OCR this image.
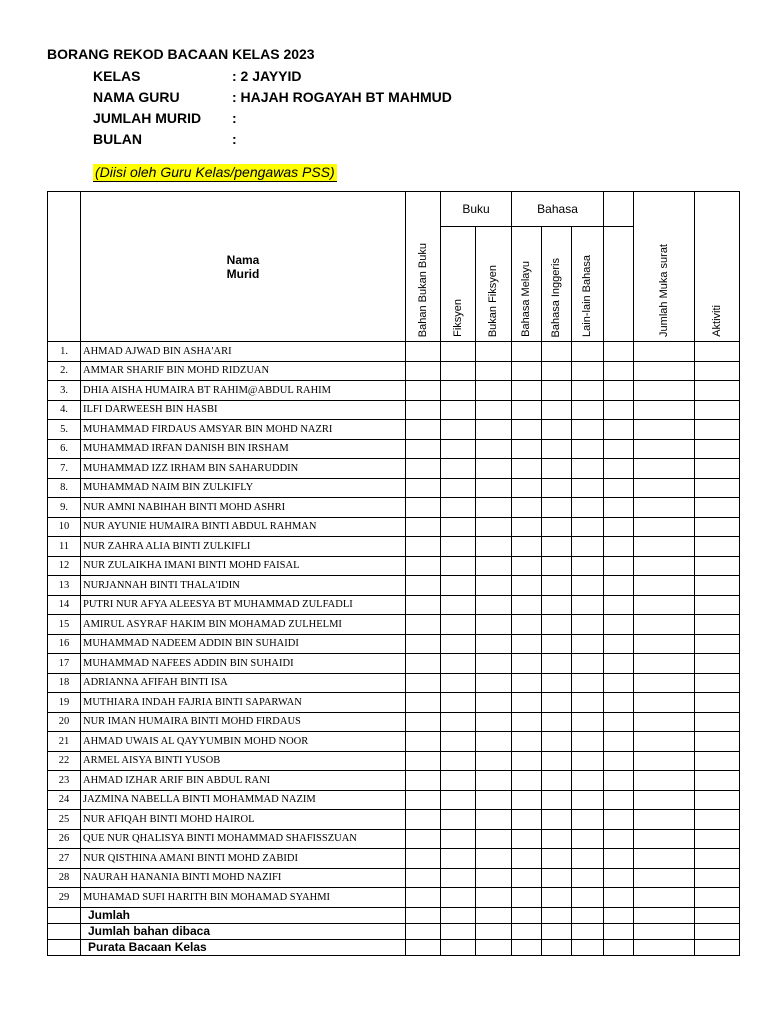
BORANG REKOD BACAAN KELAS 2023
KELAS	: 2 JAYYID
NAMA GURU	: HAJAH ROGAYAH BT MAHMUD
JUMLAH MURID :
BULAN	:
(Diisi oleh Guru Kelas/pengawas PSS)
	Nama
Murid	Bahan Bukan Buku	Buku		Bahasa				Jumlah Muka surat	Aktiviti

			Fiksyen	Bukan Fiksyen	Bahasa Melayu	Bahasa Inggeris	Lain-lain Bahasa			

1.	AHMAD AJWAD BIN ASHA'ARI									
2.	AMMAR SHARIF BIN MOHD RIDZUAN									
3.	DHIA AISHA HUMAIRA BT RAHIM@ABDUL RAHIM									
4.	ILFI DARWEESH BIN HASBI									
5.	MUHAMMAD FIRDAUS AMSYAR BIN MOHD NAZRI									
6.	MUHAMMAD IRFAN DANISH BIN IRSHAM									
7.	MUHAMMAD IZZ IRHAM BIN SAHARUDDIN									
8.	MUHAMMAD NAIM BIN ZULKIFLY									
9.	NUR AMNI NABIHAH BINTI MOHD ASHRI									
10	NUR AYUNIE HUMAIRA BINTI ABDUL RAHMAN									
11	NUR ZAHRA ALIA BINTI ZULKIFLI									
12	NUR ZULAIKHA IMANI BINTI MOHD FAISAL									
13	NURJANNAH BINTI THALA'IDIN									
14	PUTRI NUR AFYA ALEESYA BT MUHAMMAD ZULFADLI									
15	AMIRUL ASYRAF HAKIM BIN MOHAMAD ZULHELMI									
16	MUHAMMAD NADEEM ADDIN BIN SUHAIDI									
17	MUHAMMAD NAFEES ADDIN BIN SUHAIDI									
18	ADRIANNA AFIFAH BINTI ISA									
19	MUTHIARA INDAH FAJRIA BINTI SAPARWAN									
20	NUR IMAN HUMAIRA BINTI MOHD FIRDAUS									
21	AHMAD UWAIS AL QAYYUMBIN MOHD NOOR									
22	ARMEL AISYA BINTI YUSOB									
23	AHMAD IZHAR ARIF BIN ABDUL RANI									
24	JAZMINA NABELLA BINTI MOHAMMAD NAZIM									
25	NUR AFIQAH BINTI MOHD HAIROL									
26	QUE NUR QHALISYA BINTI MOHAMMAD SHAFISSZUAN									
27	NUR QISTHINA AMANI BINTI MOHD ZABIDI									
28	NAURAH HANANIA BINTI MOHD NAZIFI									
29	MUHAMAD SUFI HARITH BIN MOHAMAD SYAHMI									
	Jumlah									
	Jumlah bahan dibaca									
	Purata Bacaan Kelas									
